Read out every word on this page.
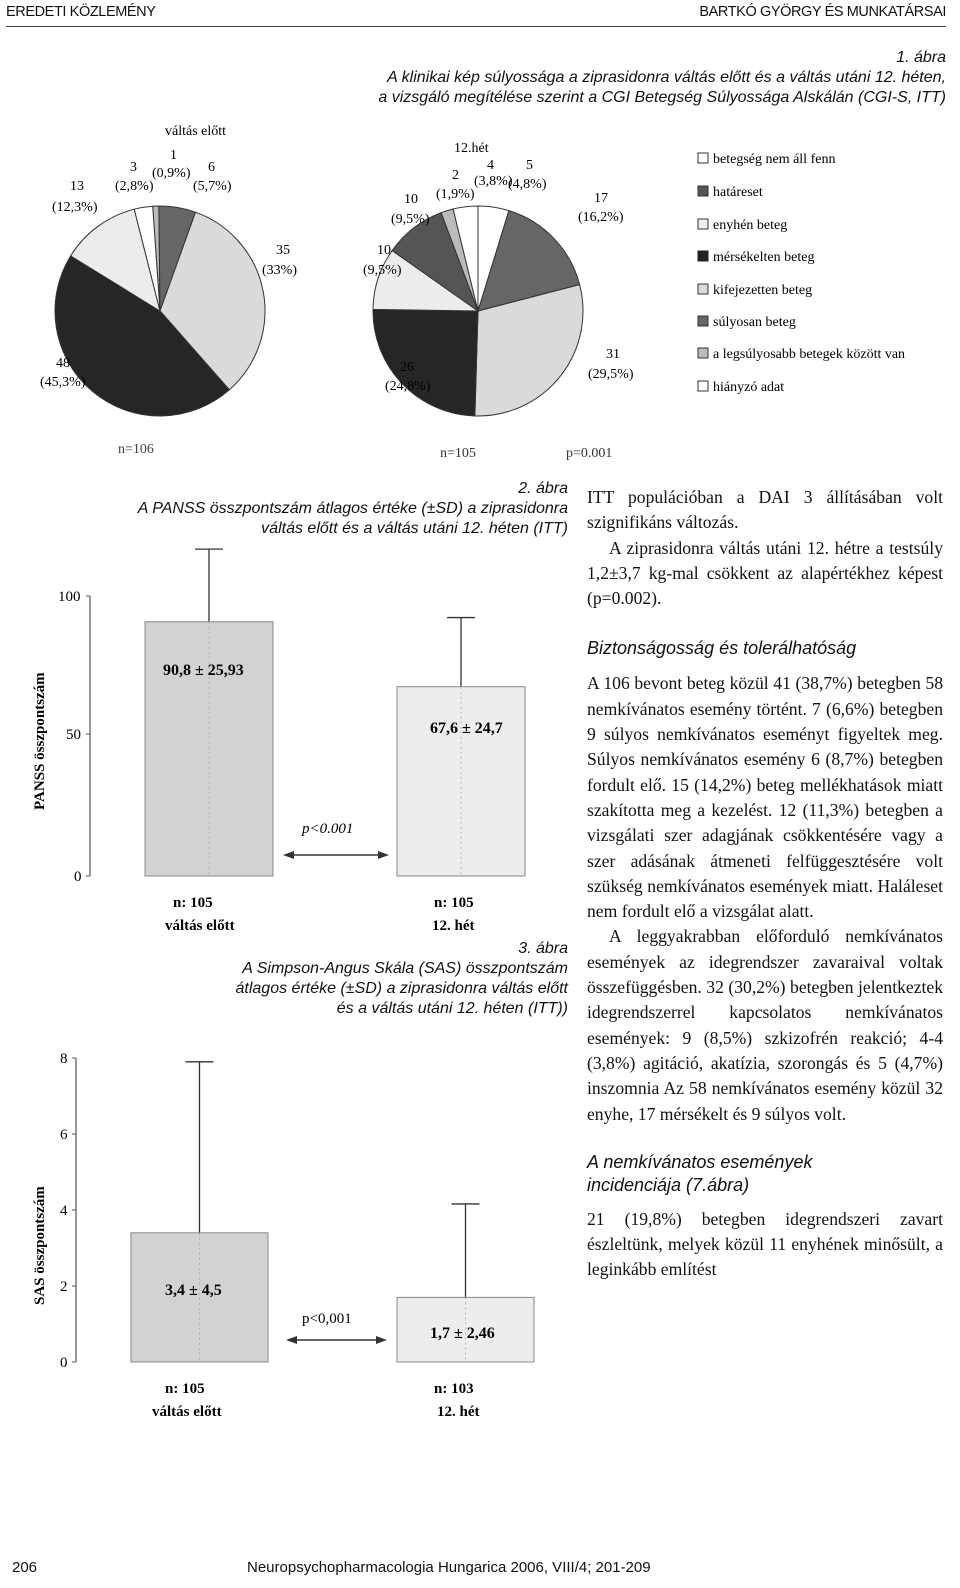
EREDETI KÖZLEMÉNY	BARTKÓ GYÖRGY ÉS MUNKATÁRSAI
1. ábra
A klinikai kép súlyossága a ziprasidonra váltás előtt és a váltás utáni 12. héten,
a vizsgáló megítélése szerint a CGI Betegség Súlyossága Alskálán (CGI-S, ITT)
váltás előtt
12.hét
1
(0,9%)
3
(2,8%)
6
(5,7%)
13
(12,3%)
35
(33%)
48
(45,3%)
4
(3,8%)
5
(4,8%)
2
(1,9%)
10
(9,5%)
10
(9,5%)
17
(16,2%)
26
(24,8%)
31
(29,5%)
betegség nem áll fenn
határeset
enyhén beteg
mérsékelten beteg
kifejezetten beteg
súlyosan beteg
a legsúlyosabb betegek között van
hiányzó adat
n=106	n=105	p=0.001
2. ábra
A PANSS összpontszám átlagos értéke (±SD) a ziprasidonra
váltás előtt és a váltás utáni 12. héten (ITT)
PANSS összpontszám
100
50
0
90,8 ± 25,93
67,6 ± 24,7
p<0.001
n: 105
váltás előtt
n: 105
12. hét
3. ábra
A Simpson-Angus Skála (SAS) összpontszám
átlagos értéke (±SD) a ziprasidonra váltás előtt
és a váltás utáni 12. héten (ITT))
SAS összpontszám
8
6
4
2
0
3,4 ± 4,5
1,7 ± 2,46
p<0,001
n: 105
váltás előtt
n: 103
12. hét

ITT populációban a DAI 3 állításában volt szignifikáns változás.

A ziprasidonra váltás utáni 12. hétre a testsúly 1,2±3,7 kg-mal csökkent az alapértékhez képest (p=0.002).

Biztonságosság és tolerálhatóság

A 106 bevont beteg közül 41 (38,7%) betegben 58 nemkívánatos esemény történt. 7 (6,6%) betegben 9 súlyos nemkívánatos eseményt figyeltek meg. Súlyos nemkívánatos esemény 6 (8,7%) betegben fordult elő. 15 (14,2%) beteg mellékhatások miatt szakította meg a kezelést. 12 (11,3%) betegben a vizsgálati szer adagjának csökkentésére vagy a szer adásának átmeneti felfüggesztésére volt szükség nemkívánatos események miatt. Haláleset nem fordult elő a vizsgálat alatt.

A leggyakrabban előforduló nemkívánatos események az idegrendszer zavaraival voltak összefüggésben. 32 (30,2%) betegben jelentkeztek idegrendszerrel kapcsolatos nemkívánatos események: 9 (8,5%) szkizofrén reakció; 4-4 (3,8%) agitáció, akatízia, szorongás és 5 (4,7%) inszomnia Az 58 nemkívánatos esemény közül 32 enyhe, 17 mérsékelt és 9 súlyos volt.

A nemkívánatos események
incidenciája (7.ábra)

21 (19,8%) betegben idegrendszeri zavart észleltünk, melyek közül 11 enyhének minősült, a leginkább említést

206	Neuropsychopharmacologia Hungarica 2006, VIII/4; 201-209
